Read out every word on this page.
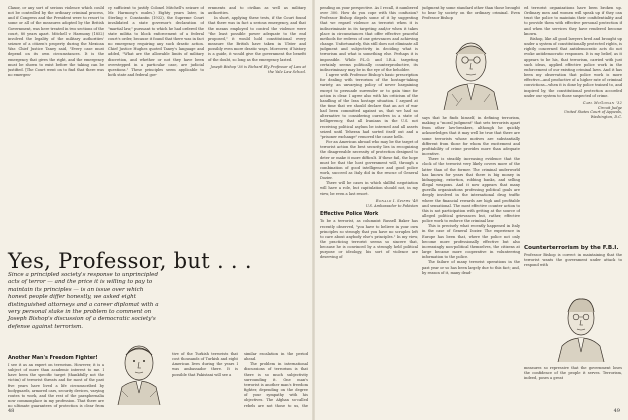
Claxor, or any sort of serious violence which could not be controlled by the ordinary criminal process, and if Congress and the President were to resort to some or all of the measures adopted by the British Government, was here treated in two sections of the court, 80 years apart. Mitchell v. Harmony (1852) involved the legality of the military authorities' seizure of a citizen's property during the Mexican War. Chief Justice Taney said, "Every case must depend on its own circumstances. It is the emergency that gives the right, and the emergency must be shown to exist before the taking can be justified. [The Court went on to find that there was no emergen-

cy sufficient to justify Colonel Mitchell's seizure of Mr. Harmony's mules.) Eighty years later, in Sterling v. Constantin (1932), the Supreme Court invalidated a state governor's declaration of "martial law," pursuant to which he had ordered the state militia to block enforcement of a federal court's order, because it found that there was in fact no emergency requiring any such drastic action. Chief Justice Hughes quoted Taney's language and added, "What are the allowable limits of military discretion, and whether or not they have been overstepped in a particular case, are judicial questions." These principles seem applicable to both state and federal gov-

ernments and to civilian as well as military authorities.

In short, applying these tests, if the Court found that there was in fact a serious emergency, and that the means employed to control the violence were "the least possible power adequate to the end proposed," it would hold constitutional every measure the British have taken in Ulster and possibly even more drastic ways. Moreover, if history is a guide, it would give the government the benefit of the doubt, so long as the emergency lasted.

Joseph Bishop '36 is Richard Ely Professor of Law at the Yale Law School.
Yes, Professor, but . . .
Since a principled society's response to unprincipled acts of terror — and the price it is willing to pay to maintain its principles — is an issue over which honest people differ honestly, we asked eight distinguished attorneys and a career diplomat with a very personal stake in the problem to comment on Joseph Bishop's discussion of a democratic society's defense against terrorism.
Another Man's Freedom Fighter!

I see it as an expert on terrorism. However, it is a subject of more than academic interest to me. I have been the specific target (thankfully not the victim) of terrorist threats and for most of the past five years have lived a life circumscribed by bodyguards, armored cars, security devices, varying routes to work, and the rest of the paraphernalia now commonplace in my profession. That there are no ultimate guarantees of protection is clear from

tive of the Turkish terrorists that cost thousands of Turkish and eight American lives during the years I was ambassador there. It is possible that Pakistani will see a

similar escalation in the period ahead.

The problem in international discussions of terrorism is that there is so much subjectivity surrounding it. One man's terrorist is another man's freedom fighter, depending on the degree of your sympathy with his objectives. The Afghan so-called rebels are not those to us, the

48

pending on your perspective. As I recall, it numbered over 300. How do you cope with this confusion? Professor Bishop dispels some of it by suggesting that we regard violence as terrorist when it is indiscriminate in its targeting and/or when it takes place in circumstances that offer effective peaceful methods for redress of one grievances and achieving change. Unfortunately, this still does not eliminate all judgment and subjectivity in deciding what is terrorism and what is something else. Perhaps it is impossible. While P.L.O. and I.R.A. targeting certainly seems politically counterproductive, its indiscriminacy may be in the eye of the beholder.

I agree with Professor Bishop's basic prescription for dealing with terrorism of the hostage-taking variety, an unvarying policy of never bargaining except to persuade surrender or to gain time for action is clear. I agree also with his criticism of the handling of the Iran hostage situation. I argued at the time that we should declare that an act of war had been committed against us, that we had no alternative to considering ourselves in a state of belligerency, that all Iranians in the U.S. not receiving political asylum be interned and all assets seized until Teheran had sorted itself out and a "prisoner exchange" removed the cause hells.

For an American abroad who may be the target of terrorist action the best security lies in recognizing the disagreeable necessity of protection designed to deter or make it more difficult. If these fail, the hope must be that the host government will, through a combination of good intelligence and good police work, succeed as Italy did in the rescue of General Dozier.

There will be cases in which skillful negotiation will have a role, but capitulation should not, in my view, be even a last resort.

Ronald I. Spiers '48
U.S. Ambassador to Pakistan
Effective Police Work

To be a terrorist, as columnist Russell Baker has recently observed, "you have to believe in your own principles so strongly that you have no scruples left to care about anybody else's principles." In my view, the practicing terrorist seems so sincere that, because he is convinced by a strongly held political purpose or ideology, his sort of violence are deserving of

judgment by some standard other than those brought to bear by society on the ordinary criminal. Even Professor Bishop

says that he finds himself, in defining terrorism, making a "moral judgment" that sets terrorists apart from other law-breakers, although he quickly acknowledges that it may well be true that there are some terrorists whose motives are substantially different from those for whom the excitement and profitability of crime provides more than adequate incentive.

There is steadily increasing evidence that the clock of the terrorist very likely covers more of the latter than of the former. The criminal underworld has known for years that there is big money in kidnapping, extortion, robbing banks, and selling illegal weapons. And it now appears that many guerilla organizations professing political goals are deeply involved in the international drug traffic where the financial rewards are high and profitable and sensational. The most effective counter action to this is not participation with getting at the source of alleged political grievances but, rather, effective police work to enforce the criminal law.

This is precisely what recently happened in Italy in the case of General Dozier. The experience in Europe has been that, where the police not only become more professionally effective but also increasingly non-political themselves, the citizens at large became more cooperative in volunteering information to the police.

The failure of many terrorist operations in the past year or so has been largely due to this fact; and, by reason of it, many dead-

ed terrorist organizations have been broken up. Ordinary men and women will speak up if they can trust the police to maintain their confidentiality and to provide them with effective personal protection if and when the services they have rendered become known.

Bishop, like all good lawyers bred and brought up under a system of constitutionally protected rights, is rightly concerned that antidemocratic acts do not evoke antidemocratic responses. It is my belief, as it appears to be his, that terrorism, carried with just such ideas, applied effective police work in the enforcement of our existing criminal laws. And it has been my observation that police work is more effective—and productive of a higher rate of criminal convictions—when it is done by police trained to, and inspired by, the constitutional protection accorded under our system to those suspected of crime.

Carl McGowan '32
Circuit Judge
United States Court of Appeals,
Washington, D.C.
Counterterrorism by the F.B.I.

Professor Bishop is correct in maintaining that the terrorist wants the government under attack to respond with

measures so repressive that the government loses the confidence of the people it serves. Terrorism, indeed, poses a great

49
